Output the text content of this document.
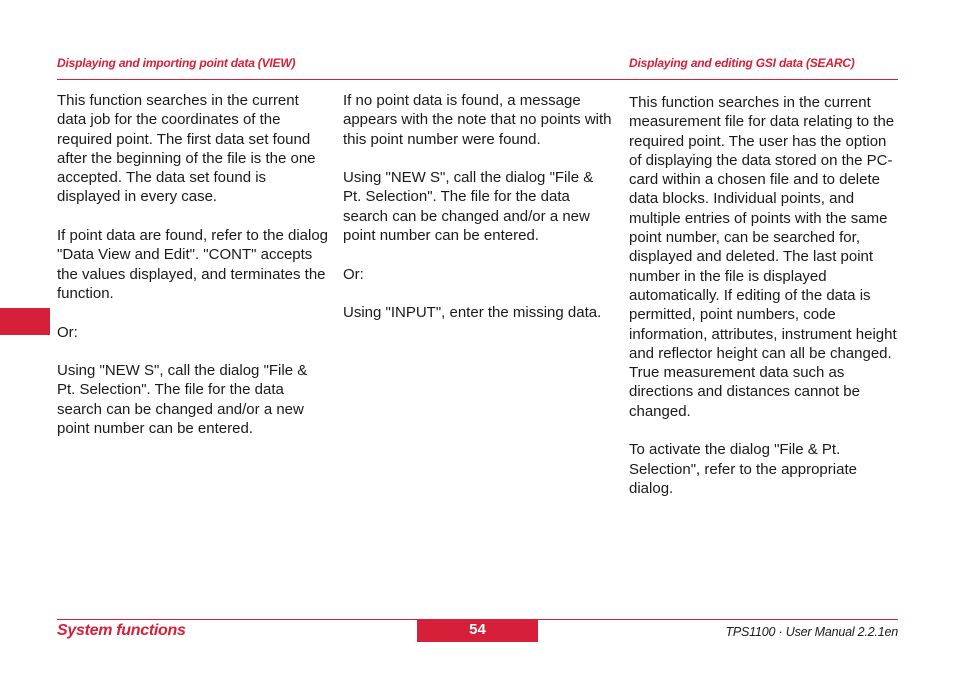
Displaying and importing point data (VIEW)	Displaying and editing GSI data (SEARC)

This function searches in the current data job for the coordinates of the required point. The first data set found after the beginning of the file is the one accepted. The data set found is displayed in every case.

If point data are found, refer to the dialog "Data View and Edit". "CONT" accepts the values displayed, and terminates the function.

Or:

Using "NEW S", call the dialog "File & Pt. Selection". The file for the data search can be changed and/or a new point number can be entered.

If no point data is found, a message appears with the note that no points with this point number were found.

Using "NEW S", call the dialog "File & Pt. Selection". The file for the data search can be changed and/or a new point number can be entered.

Or:

Using "INPUT", enter the missing data.

This function searches in the current measurement file for data relating to the required point. The user has the option of displaying the data stored on the PC-card within a chosen file and to delete data blocks. Individual points, and multiple entries of points with the same point number, can be searched for, displayed and deleted. The last point number in the file is displayed automatically. If editing of the data is permitted, point numbers, code information, attributes, instrument height and reflector height can all be changed. True measurement data such as directions and distances cannot be changed.

To activate the dialog "File & Pt. Selection", refer to the appropriate dialog.

System functions	54	TPS1100 · User Manual 2.2.1en
